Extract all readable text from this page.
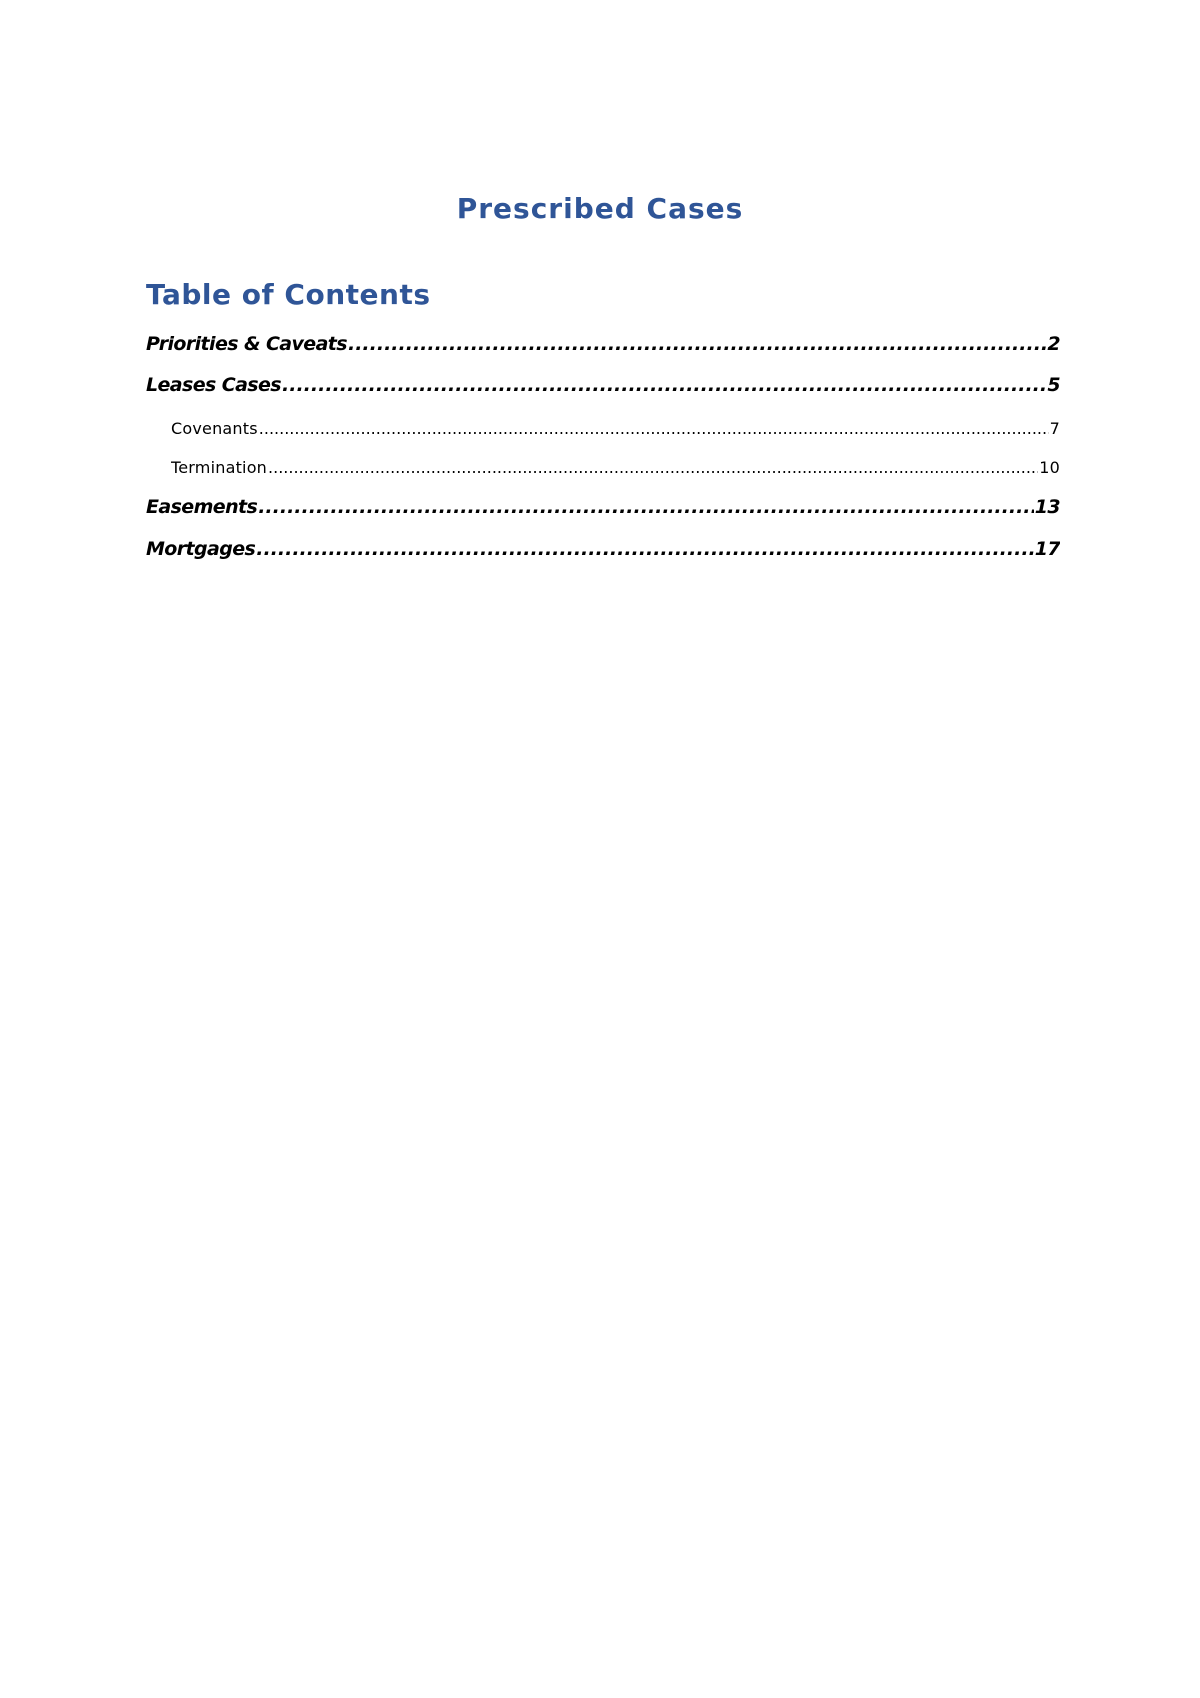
Prescribed Cases
Table of Contents
Priorities & Caveats .....	2
Leases Cases .....	5
Covenants .....	7
Termination .....	10
Easements .....	13
Mortgages .....	17
